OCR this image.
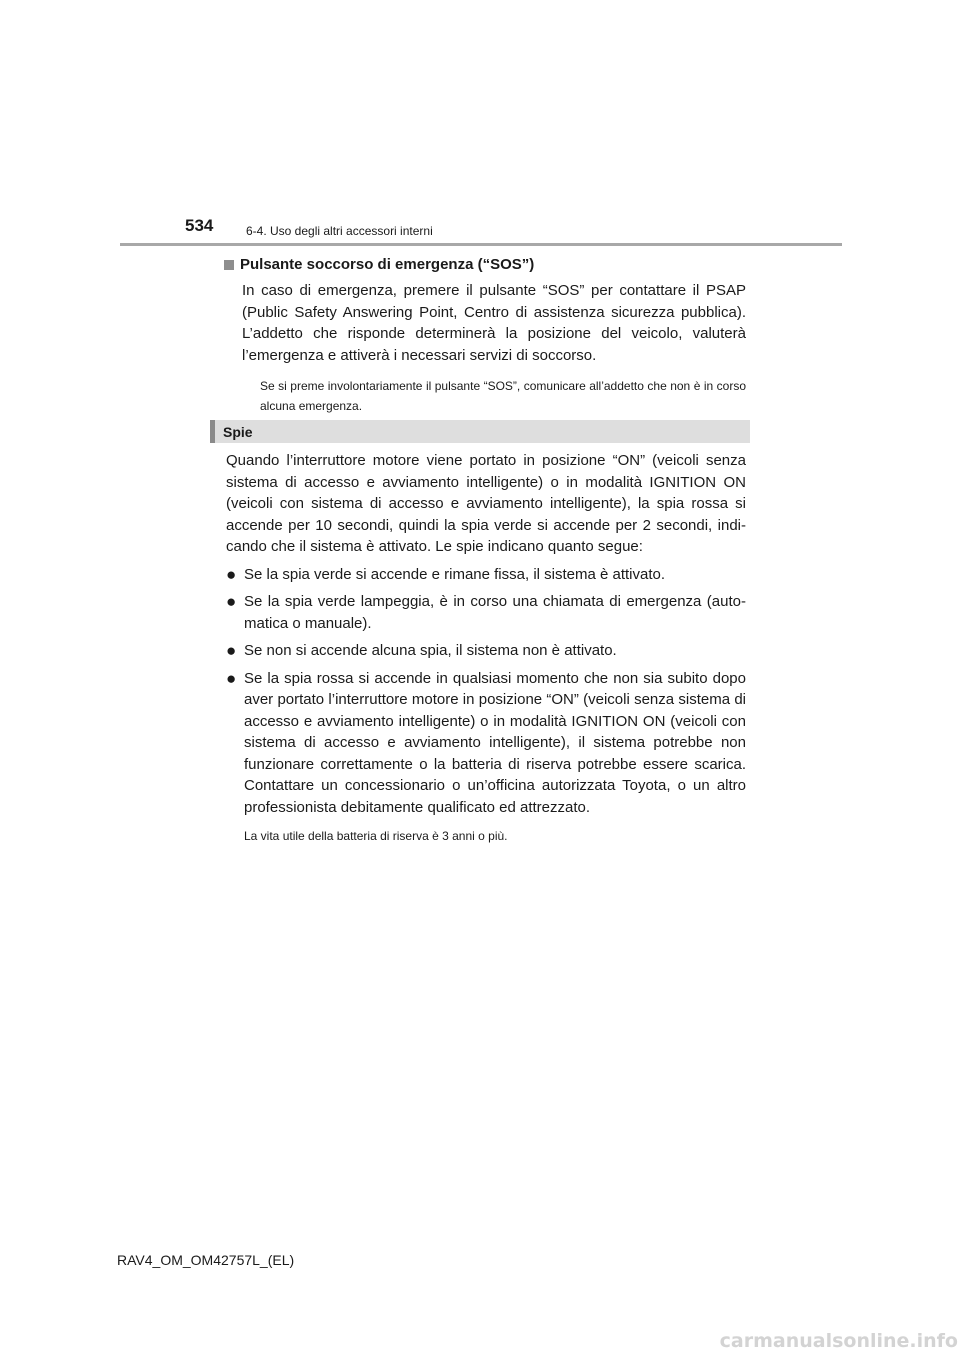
534	6-4. Uso degli altri accessori interni
Pulsante soccorso di emergenza (“SOS”)

In caso di emergenza, premere il pulsante “SOS” per contattare il PSAP (Public Safety Answering Point, Centro di assistenza sicurezza pubblica). L’addetto che risponde determinerà la posizione del veicolo, valuterà l’emergenza e attiverà i necessari servizi di soccorso.

Se si preme involontariamente il pulsante “SOS”, comunicare all’addetto che non è in corso alcuna emergenza.
Spie

Quando l’interruttore motore viene portato in posizione “ON” (veicoli senza sistema di accesso e avviamento intelligente) o in modalità IGNITION ON (veicoli con sistema di accesso e avviamento intelligente), la spia rossa si accende per 10 secondi, quindi la spia verde si accende per 2 secondi, indi-cando che il sistema è attivato. Le spie indicano quanto segue:

● Se la spia verde si accende e rimane fissa, il sistema è attivato.
● Se la spia verde lampeggia, è in corso una chiamata di emergenza (auto-matica o manuale).
● Se non si accende alcuna spia, il sistema non è attivato.
● Se la spia rossa si accende in qualsiasi momento che non sia subito dopo aver portato l’interruttore motore in posizione “ON” (veicoli senza sistema di accesso e avviamento intelligente) o in modalità IGNITION ON (veicoli con sistema di accesso e avviamento intelligente), il sistema potrebbe non funzionare correttamente o la batteria di riserva potrebbe essere scarica. Contattare un concessionario o un’officina autorizzata Toyota, o un altro professionista debitamente qualificato ed attrezzato.
La vita utile della batteria di riserva è 3 anni o più.
RAV4_OM_OM42757L_(EL)
carmanualsonline.info
